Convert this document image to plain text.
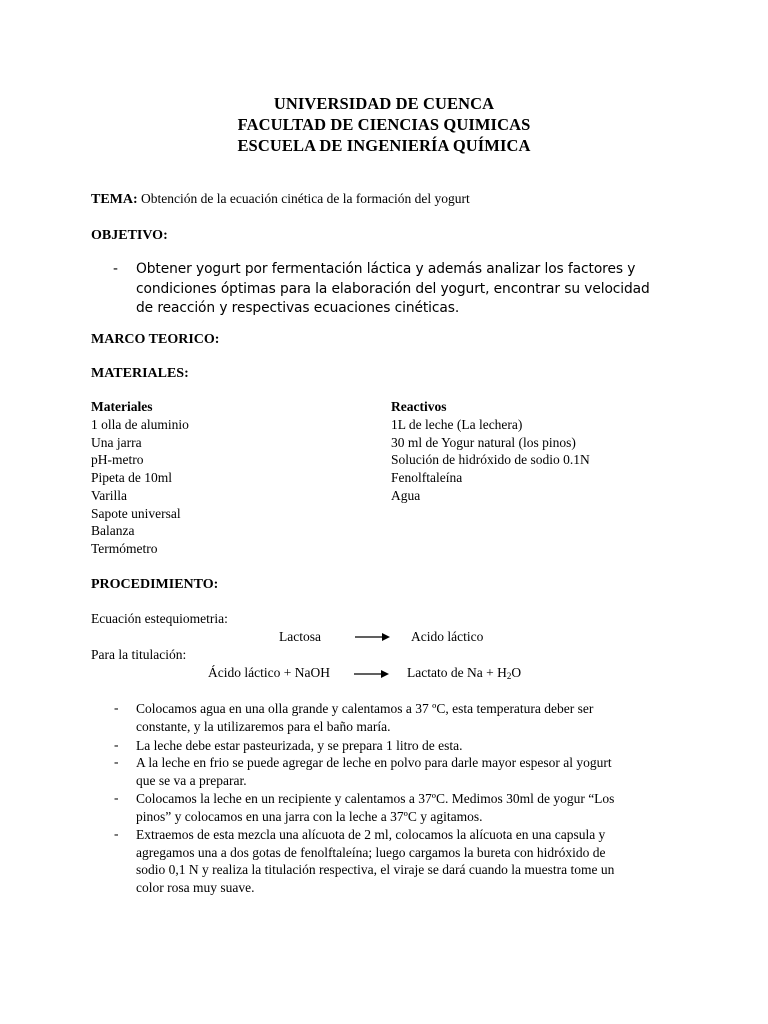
UNIVERSIDAD DE CUENCA
FACULTAD DE CIENCIAS QUIMICAS
ESCUELA DE INGENIERÍA QUÍMICA
TEMA: Obtención de la ecuación cinética de la formación del yogurt
OBJETIVO:
- Obtener yogurt por fermentación láctica y además analizar los factores y
condiciones óptimas para la elaboración del yogurt, encontrar su velocidad
de reacción y respectivas ecuaciones cinéticas.
MARCO TEORICO:
MATERIALES:
Materiales	Reactivos
1 olla de aluminio
Una jarra
pH-metro
Pipeta de 10ml
Varilla
Sapote universal
Balanza
Termómetro
1L de leche (La lechera)
30 ml de Yogur natural (los pinos)
Solución de hidróxido de sodio 0.1N
Fenolftaleína
Agua
PROCEDIMIENTO:
Ecuación estequiometria:
Lactosa → Acido láctico
Para la titulación:
Ácido láctico + NaOH	Lactato de $Na + H_2O$
- Colocamos agua en una olla grande y calentamos a 37 ºC, esta temperatura deber ser
constante, y la utilizaremos para el baño maría.
- La leche debe estar pasteurizada, y se prepara 1 litro de esta.
- A la leche en frio se puede agregar de leche en polvo para darle mayor espesor al yogurt
que se va a preparar.
- Colocamos la leche en un recipiente y calentamos a 37ºC. Medimos 30ml de yogur “Los
pinos” y colocamos en una jarra con la leche a 37ºC y agitamos.
- Extraemos de esta mezcla una alícuota de 2 ml, colocamos la alícuota en una capsula y
agregamos una a dos gotas de fenolftaleína; luego cargamos la bureta con hidróxido de
sodio 0,1 N y realiza la titulación respectiva, el viraje se dará cuando la muestra tome un
color rosa muy suave.
